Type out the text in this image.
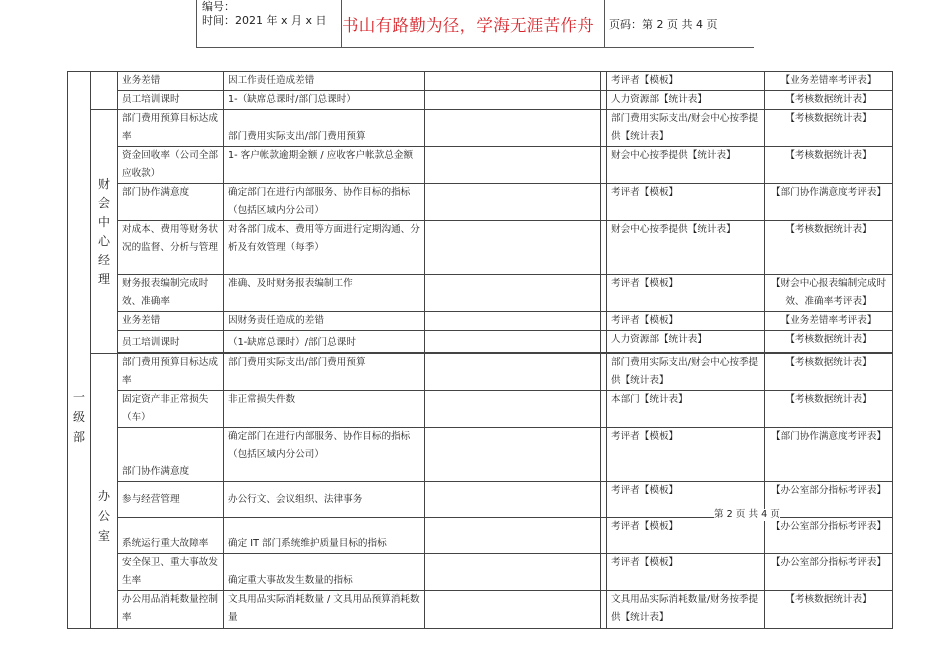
编号：
时间：2021 年 x 月 x 日 书山有路勤为径，学海无涯苦作舟 页码：第 2 页 共 4 页
一级部		业务差错	因工作责任造成差错			考评者【模板】	【业务差错率考评表】
		员工培训课时	1-（缺席总课时/部门总课时）			人力资源部【统计表】	【考核数据统计表】
	财会中心经理	部门费用预算目标达成率	部门费用实际支出/部门费用预算			部门费用实际支出/财会中心按季提供【统计表】	【考核数据统计表】
		资金回收率（公司全部应收款）	1- 客户帐款逾期金额 / 应收客户帐款总金额			财会中心按季提供【统计表】	【考核数据统计表】
		部门协作满意度	确定部门在进行内部服务、协作目标的指标（包括区域内分公司）			考评者【模板】	【部门协作满意度考评表】
		对成本、费用等财务状况的监督、分析与管理	对各部门成本、费用等方面进行定期沟通、分析及有效管理（每季）			财会中心按季提供【统计表】	【考核数据统计表】
		财务报表编制完成时效、准确率	准确、及时财务报表编制工作			考评者【模板】	【财会中心报表编制完成时效、准确率考评表】
		业务差错	因财务责任造成的差错			考评者【模板】	【业务差错率考评表】
		员工培训课时	（1-缺席总课时）/部门总课时			人力资源部【统计表】	【考核数据统计表】

	办公室	部门费用预算目标达成率	部门费用实际支出/部门费用预算			部门费用实际支出/财会中心按季提供【统计表】	【考核数据统计表】
		固定资产非正常损失（车）	非正常损失件数			本部门【统计表】	【考核数据统计表】
		部门协作满意度	确定部门在进行内部服务、协作目标的指标（包括区域内分公司）			考评者【模板】	【部门协作满意度考评表】
		参与经营管理	办公行文、会议组织、法律事务			考评者【模板】	【办公室部分指标考评表】
		系统运行重大故障率	确定 IT 部门系统维护质量目标的指标			考评者【模板】	【办公室部分指标考评表】
		安全保卫、重大事故发生率	确定重大事故发生数量的指标			考评者【模板】	【办公室部分指标考评表】
		办公用品消耗数量控制率	文具用品实际消耗数量 / 文具用品预算消耗数量			文具用品实际消耗数量/财务按季提供【统计表】	【考核数据统计表】
第 2 页 共 4 页
